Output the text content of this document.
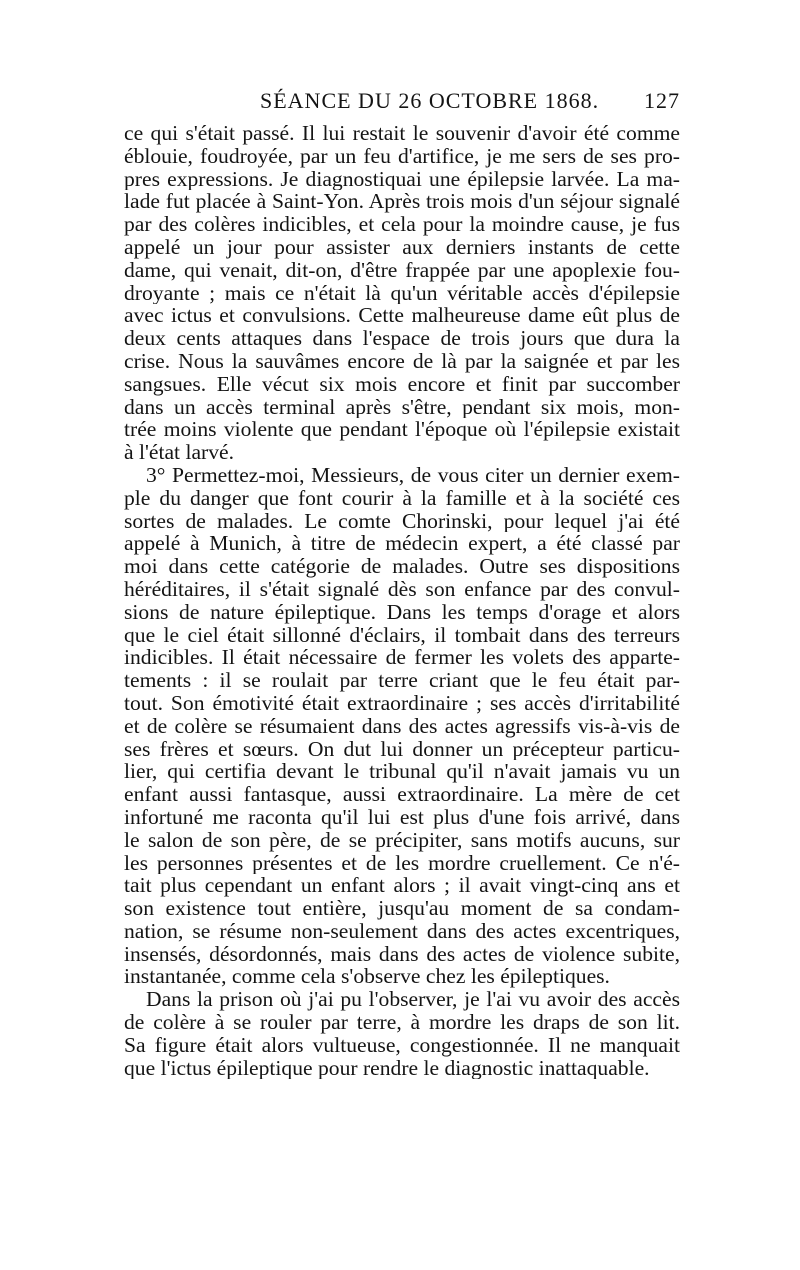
SÉANCE DU 26 OCTOBRE 1868. 127
ce qui s'était passé. Il lui restait le souvenir d'avoir été comme
éblouie, foudroyée, par un feu d'artifice, je me sers de ses pro-
pres expressions. Je diagnostiquai une épilepsie larvée. La ma-
lade fut placée à Saint-Yon. Après trois mois d'un séjour signalé
par des colères indicibles, et cela pour la moindre cause, je fus
appelé un jour pour assister aux derniers instants de cette
dame, qui venait, dit-on, d'être frappée par une apoplexie fou-
droyante ; mais ce n'était là qu'un véritable accès d'épilepsie
avec ictus et convulsions. Cette malheureuse dame eût plus de
deux cents attaques dans l'espace de trois jours que dura la
crise. Nous la sauvâmes encore de là par la saignée et par les
sangsues. Elle vécut six mois encore et finit par succomber
dans un accès terminal après s'être, pendant six mois, mon-
trée moins violente que pendant l'époque où l'épilepsie existait
à l'état larvé.
3° Permettez-moi, Messieurs, de vous citer un dernier exem-
ple du danger que font courir à la famille et à la société ces
sortes de malades. Le comte Chorinski, pour lequel j'ai été
appelé à Munich, à titre de médecin expert, a été classé par
moi dans cette catégorie de malades. Outre ses dispositions
héréditaires, il s'était signalé dès son enfance par des convul-
sions de nature épileptique. Dans les temps d'orage et alors
que le ciel était sillonné d'éclairs, il tombait dans des terreurs
indicibles. Il était nécessaire de fermer les volets des apparte-
tements : il se roulait par terre criant que le feu était par-
tout. Son émotivité était extraordinaire ; ses accès d'irritabilité
et de colère se résumaient dans des actes agressifs vis-à-vis de
ses frères et sœurs. On dut lui donner un précepteur particu-
lier, qui certifia devant le tribunal qu'il n'avait jamais vu un
enfant aussi fantasque, aussi extraordinaire. La mère de cet
infortuné me raconta qu'il lui est plus d'une fois arrivé, dans
le salon de son père, de se précipiter, sans motifs aucuns, sur
les personnes présentes et de les mordre cruellement. Ce n'é-
tait plus cependant un enfant alors ; il avait vingt-cinq ans et
son existence tout entière, jusqu'au moment de sa condam-
nation, se résume non-seulement dans des actes excentriques,
insensés, désordonnés, mais dans des actes de violence subite,
instantanée, comme cela s'observe chez les épileptiques.
Dans la prison où j'ai pu l'observer, je l'ai vu avoir des accès
de colère à se rouler par terre, à mordre les draps de son lit.
Sa figure était alors vultueuse, congestionnée. Il ne manquait
que l'ictus épileptique pour rendre le diagnostic inattaquable.
